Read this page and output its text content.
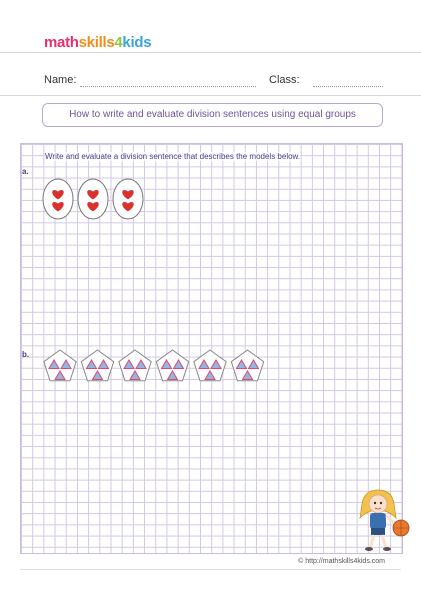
mathskills4kids
Name:	Class:
How to write and evaluate division sentences using equal groups
Write and evaluate a division sentence that describes the models below.
a.
b.
© http://mathskills4kids.com
